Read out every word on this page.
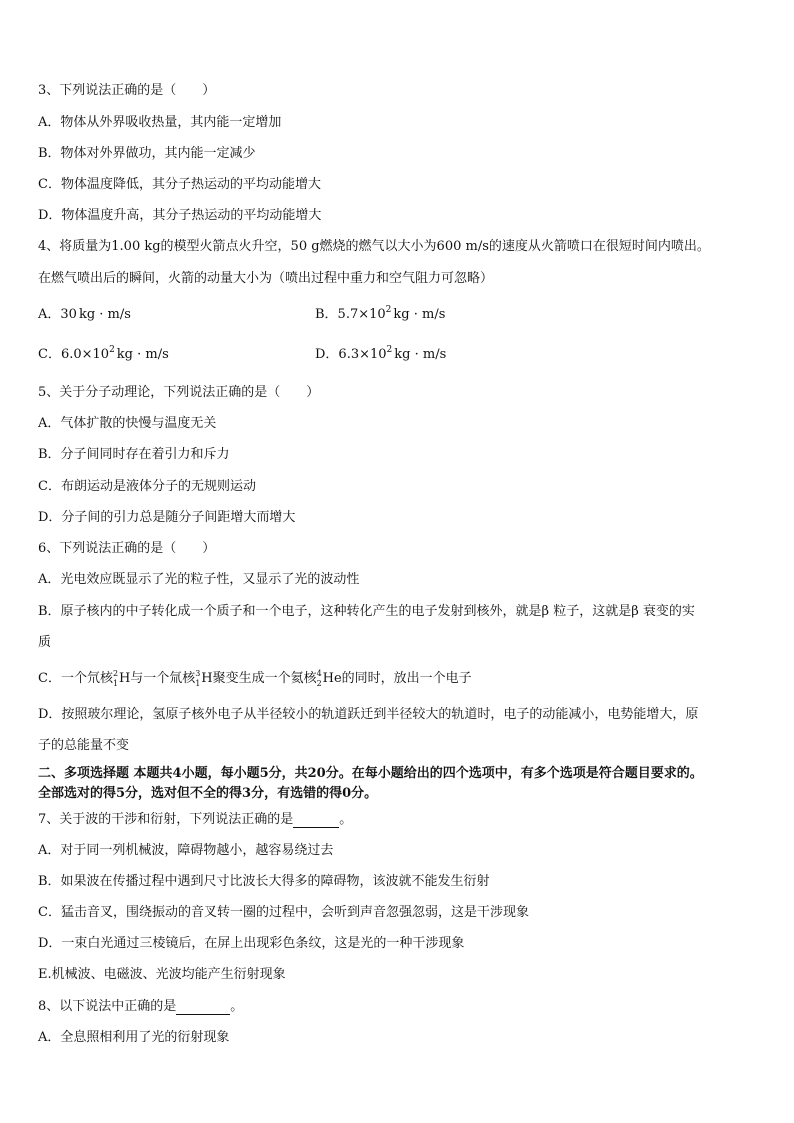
3、下列说法正确的是（　　）
A．物体从外界吸收热量，其内能一定增加
B．物体对外界做功，其内能一定减少
C．物体温度降低，其分子热运动的平均动能增大
D．物体温度升高，其分子热运动的平均动能增大
4、将质量为1.00 kg的模型火箭点火升空，50 g燃烧的燃气以大小为600 m/s的速度从火箭喷口在很短时间内喷出。
在燃气喷出后的瞬间，火箭的动量大小为（喷出过程中重力和空气阻力可忽略）
A．30 kg · m/s	B．$5.7\times 10^2$ kg · m/s
C．$6.0\times 10^2$ kg · m/s	D．$6.3\times 10^2$ kg · m/s
5、关于分子动理论，下列说法正确的是（　　）
A．气体扩散的快慢与温度无关
B．分子间同时存在着引力和斥力
C．布朗运动是液体分子的无规则运动
D．分子间的引力总是随分子间距增大而增大
6、下列说法正确的是（　　）
A．光电效应既显示了光的粒子性，又显示了光的波动性
B．原子核内的中子转化成一个质子和一个电子，这种转化产生的电子发射到核外，就是β 粒子，这就是β 衰变的实
质
C．一个氘核 2
1 H与一个氚核 3
1 H聚变生成一个氦核 4
2 He的同时，放出一个电子
D．按照玻尔理论，氢原子核外电子从半径较小的轨道跃迁到半径较大的轨道时，电子的动能减小，电势能增大，原
子的总能量不变
二、多项选择题 本题共4小题，每小题5分，共20分。在每小题给出的四个选项中，有多个选项是符合题目要求的。
全部选对的得5分，选对但不全的得3分，有选错的得0分。
7、关于波的干涉和衍射，下列说法正确的是	。
A．对于同一列机械波，障碍物越小，越容易绕过去
B．如果波在传播过程中遇到尺寸比波长大得多的障碍物，该波就不能发生衍射
C．猛击音叉，围绕振动的音叉转一圈的过程中，会听到声音忽强忽弱，这是干涉现象
D．一束白光通过三棱镜后，在屏上出现彩色条纹，这是光的一种干涉现象
E.机械波、电磁波、光波均能产生衍射现象
8、以下说法中正确的是	。
A．全息照相利用了光的衍射现象
